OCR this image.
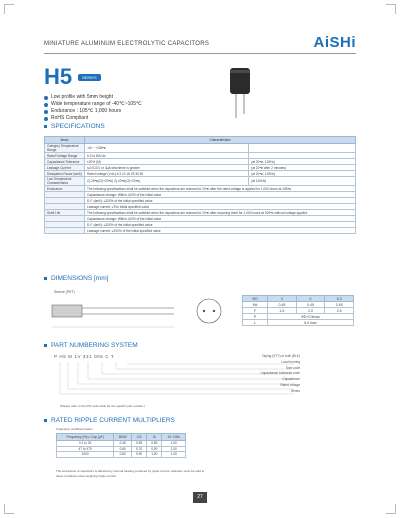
MINIATURE ALUMINUM ELECTROLYTIC CAPACITORS	AiSHi
H5	SERIES
Low profile with 5mm height
Wide temperature range of -40℃~105℃
Endurance : 105℃ 1,000 hours
RoHS Compliant
SPECIFICATIONS
Items	Characteristics	
Category Temperature Range	-40 ~ +105℃	
Rated Voltage Range	6.3 to 50V.dc	
Capacitance Tolerance	±20% (M)	(at 20℃, 120Hz)
Leakage Current	I≤0.01CV or 3μA whichever is greater	(at 20℃ after 2 minutes)
Dissipation Factor (tanδ)	Rated voltage (V.dc) 6.3 10 16 25 35 50	(at 20℃, 120Hz)
Low Temperature Characteristics	Z(-25℃)/Z(+20℃) Z(-40℃)/Z(+20℃)	(at 120Hz)
Endurance	The following specifications shall be satisfied when the capacitors are restored to 20℃ after the rated voltage is applied for 1,000 hours at 105℃.	
	Capacitance change: Within ±20% of the initial value	
	D.F. (tanδ): ≤200% of the initial specified value	
	Leakage current: ≤The initial specified value	
Shelf Life	The following specifications shall be satisfied when the capacitors are restored to 20℃ after exposing them for 1,000 hours at 105℃ without voltage applied.	
	Capacitance change: Within ±20% of the initial value	
	D.F. (tanδ): ≤200% of the initial specified value	
	Leakage current: ≤200% of the initial specified value	
DIMENSIONS [mm]
Sleeve (PET)
ΦD	4	5	6.3
Φd	0.45	0.45	0.45
F	1.5	2.0	2.5
P	ΦD+0.5max		
L	5.0 max		
PART NUMBERING SYSTEM
P H5 M 1V 331 005 C T	Taping (STY) or bulk (BLK)
Lead forming
Size code
Capacitance tolerance code
Capacitance
Rated voltage
Series
(Please refer to the P/N code table for the specific part number.)
RATED RIPPLE CURRENT MULTIPLIERS
Frequency coefficient factor
Frequency (Hz) / Cap (μF)	50/60	120	1k	10~100k
0.1 to 33	0.45	0.55	0.80	1.00
47 to 470	0.60	0.70	0.90	1.00
1000	0.80	0.90	1.00	1.00
The endurance of capacitors is affected by internal heating produced by ripple current. Attention must be paid to these conditions when applying ripple current.
27
